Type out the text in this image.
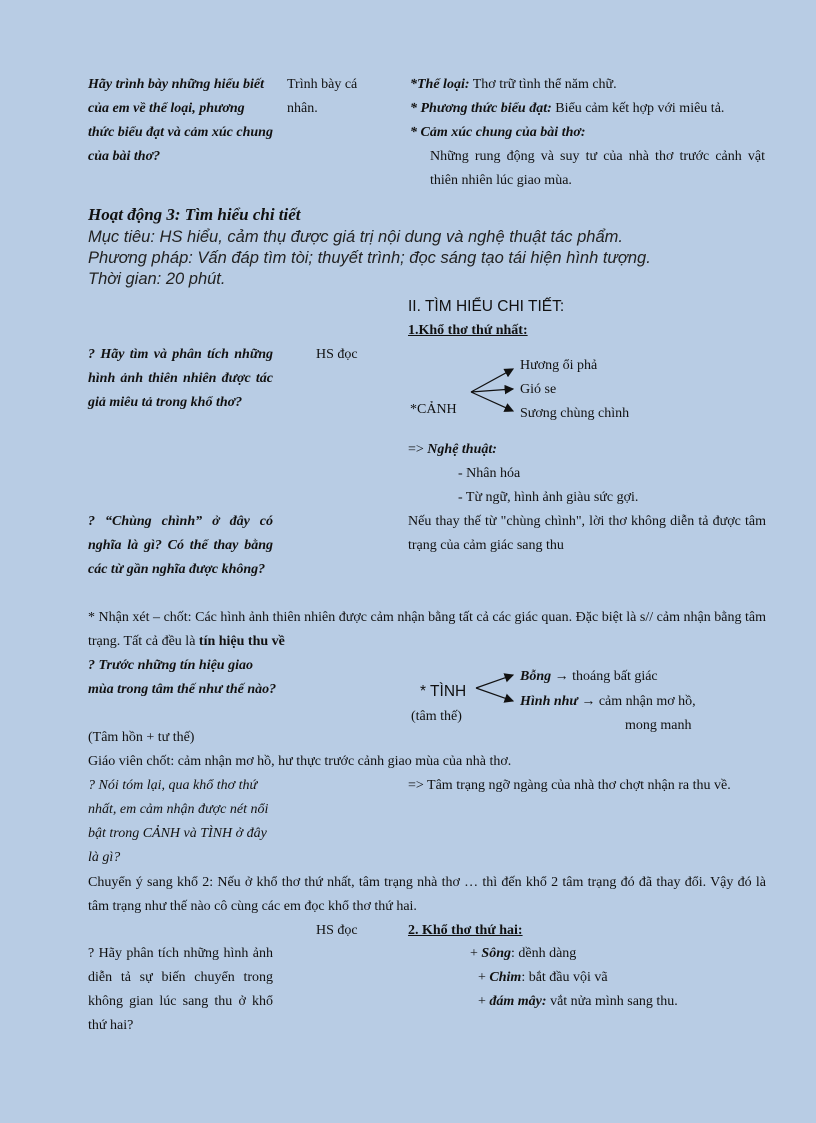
Hãy trình bày những hiểu biết của em về thể loại, phương thức biểu đạt và cảm xúc chung của bài thơ?
Trình bày cá nhân.
*Thể loại: Thơ trữ tình thể năm chữ.
* Phương thức biểu đạt: Biểu cảm kết hợp với miêu tả.
* Cảm xúc chung của bài thơ:
Những rung động và suy tư của nhà thơ trước cảnh vật thiên nhiên lúc giao mùa.
Hoạt động 3: Tìm hiểu chi tiết
Mục tiêu: HS hiểu, cảm thụ được giá trị nội dung và nghệ thuật tác phẩm.
Phương pháp: Vấn đáp tìm tòi; thuyết trình; đọc sáng tạo tái hiện hình tượng.
Thời gian: 20 phút.
II. TÌM HIỂU CHI TIẾT:
1.Khổ thơ thứ nhất:
? Hãy tìm và phân tích những hình ảnh thiên nhiên được tác giả miêu tả trong khổ thơ?
HS đọc
*CẢNH
Hương ổi phả
Gió se
Sương chùng chình
=> Nghệ thuật:
- Nhân hóa
- Từ ngữ, hình ảnh giàu sức gợi.
? “Chùng chình” ở đây có nghĩa là gì? Có thể thay bằng các từ gần nghĩa được không?
Nếu thay thế từ "chùng chình", lời thơ không diễn tả được tâm trạng của cảm giác sang thu
* Nhận xét – chốt: Các hình ảnh thiên nhiên được cảm nhận bằng tất cả các giác quan. Đặc biệt là s// cảm nhận bằng tâm trạng. Tất cả đều là tín hiệu thu về
? Trước những tín hiệu giao mùa trong tâm thế như thế nào?
(Tâm hồn + tư thế)
* TÌNH
(tâm thế)
Bỗng → thoáng bất giác
Hình như → cảm nhận mơ hồ,
mong manh
Giáo viên chốt: cảm nhận mơ hồ, hư thực trước cảnh giao mùa của nhà thơ.
? Nói tóm lại, qua khổ thơ thứ nhất, em cảm nhận được nét nổi bật trong CẢNH và TÌNH ở đây là gì?
=> Tâm trạng ngỡ ngàng của nhà thơ chợt nhận ra thu về.
Chuyển ý sang khổ 2: Nếu ở khổ thơ thứ nhất, tâm trạng nhà thơ … thì đến khổ 2 tâm trạng đó đã thay đổi. Vậy đó là tâm trạng như thế nào cô cùng các em đọc khổ thơ thứ hai.
HS đọc	2. Khổ thơ thứ hai:
? Hãy phân tích những hình ảnh diễn tả sự biến chuyển trong không gian lúc sang thu ở khổ thứ hai?
+ Sông: dềnh dàng
+ Chim: bắt đầu vội vã
+ đám mây: vắt nửa mình sang thu.
